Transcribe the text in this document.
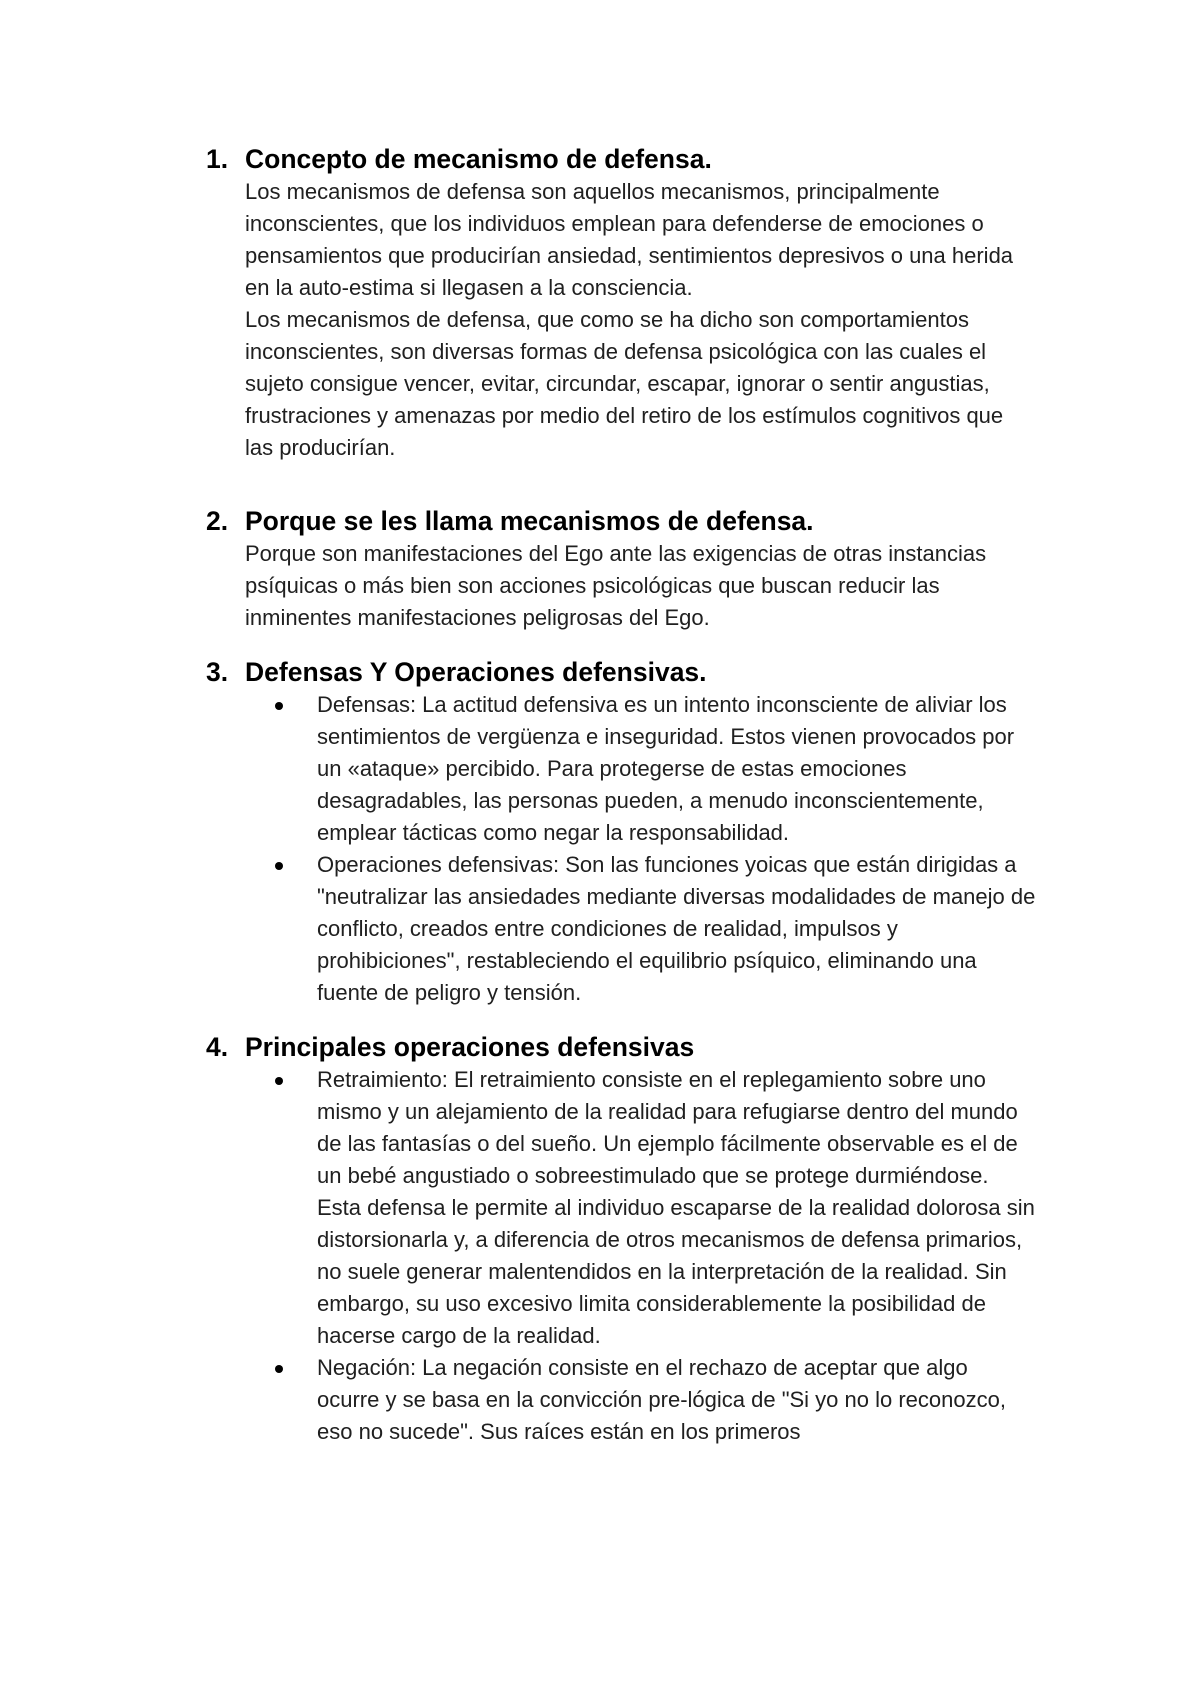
1. Concepto de mecanismo de defensa.

Los mecanismos de defensa son aquellos mecanismos, principalmente inconscientes, que los individuos emplean para defenderse de emociones o pensamientos que producirían ansiedad, sentimientos depresivos o una herida en la auto-estima si llegasen a la consciencia.

Los mecanismos de defensa, que como se ha dicho son comportamientos inconscientes, son diversas formas de defensa psicológica con las cuales el sujeto consigue vencer, evitar, circundar, escapar, ignorar o sentir angustias, frustraciones y amenazas por medio del retiro de los estímulos cognitivos que las producirían.

2. Porque se les llama mecanismos de defensa.

Porque son manifestaciones del Ego ante las exigencias de otras instancias psíquicas o más bien son acciones psicológicas que buscan reducir las inminentes manifestaciones peligrosas del Ego.

3. Defensas Y Operaciones defensivas.
Defensas: La actitud defensiva es un intento inconsciente de aliviar los sentimientos de vergüenza e inseguridad. Estos vienen provocados por un «ataque» percibido. Para protegerse de estas emociones desagradables, las personas pueden, a menudo inconscientemente, emplear tácticas como negar la responsabilidad.
Operaciones defensivas: Son las funciones yoicas que están dirigidas a "neutralizar las ansiedades mediante diversas modalidades de manejo de conflicto, creados entre condiciones de realidad, impulsos y prohibiciones", restableciendo el equilibrio psíquico, eliminando una fuente de peligro y tensión.
4. Principales operaciones defensivas
Retraimiento: El retraimiento consiste en el replegamiento sobre uno mismo y un alejamiento de la realidad para refugiarse dentro del mundo de las fantasías o del sueño. Un ejemplo fácilmente observable es el de un bebé angustiado o sobreestimulado que se protege durmiéndose. Esta defensa le permite al individuo escaparse de la realidad dolorosa sin distorsionarla y, a diferencia de otros mecanismos de defensa primarios, no suele generar malentendidos en la interpretación de la realidad. Sin embargo, su uso excesivo limita considerablemente la posibilidad de hacerse cargo de la realidad.
Negación: La negación consiste en el rechazo de aceptar que algo ocurre y se basa en la convicción pre-lógica de "Si yo no lo reconozco, eso no sucede". Sus raíces están en los primeros
